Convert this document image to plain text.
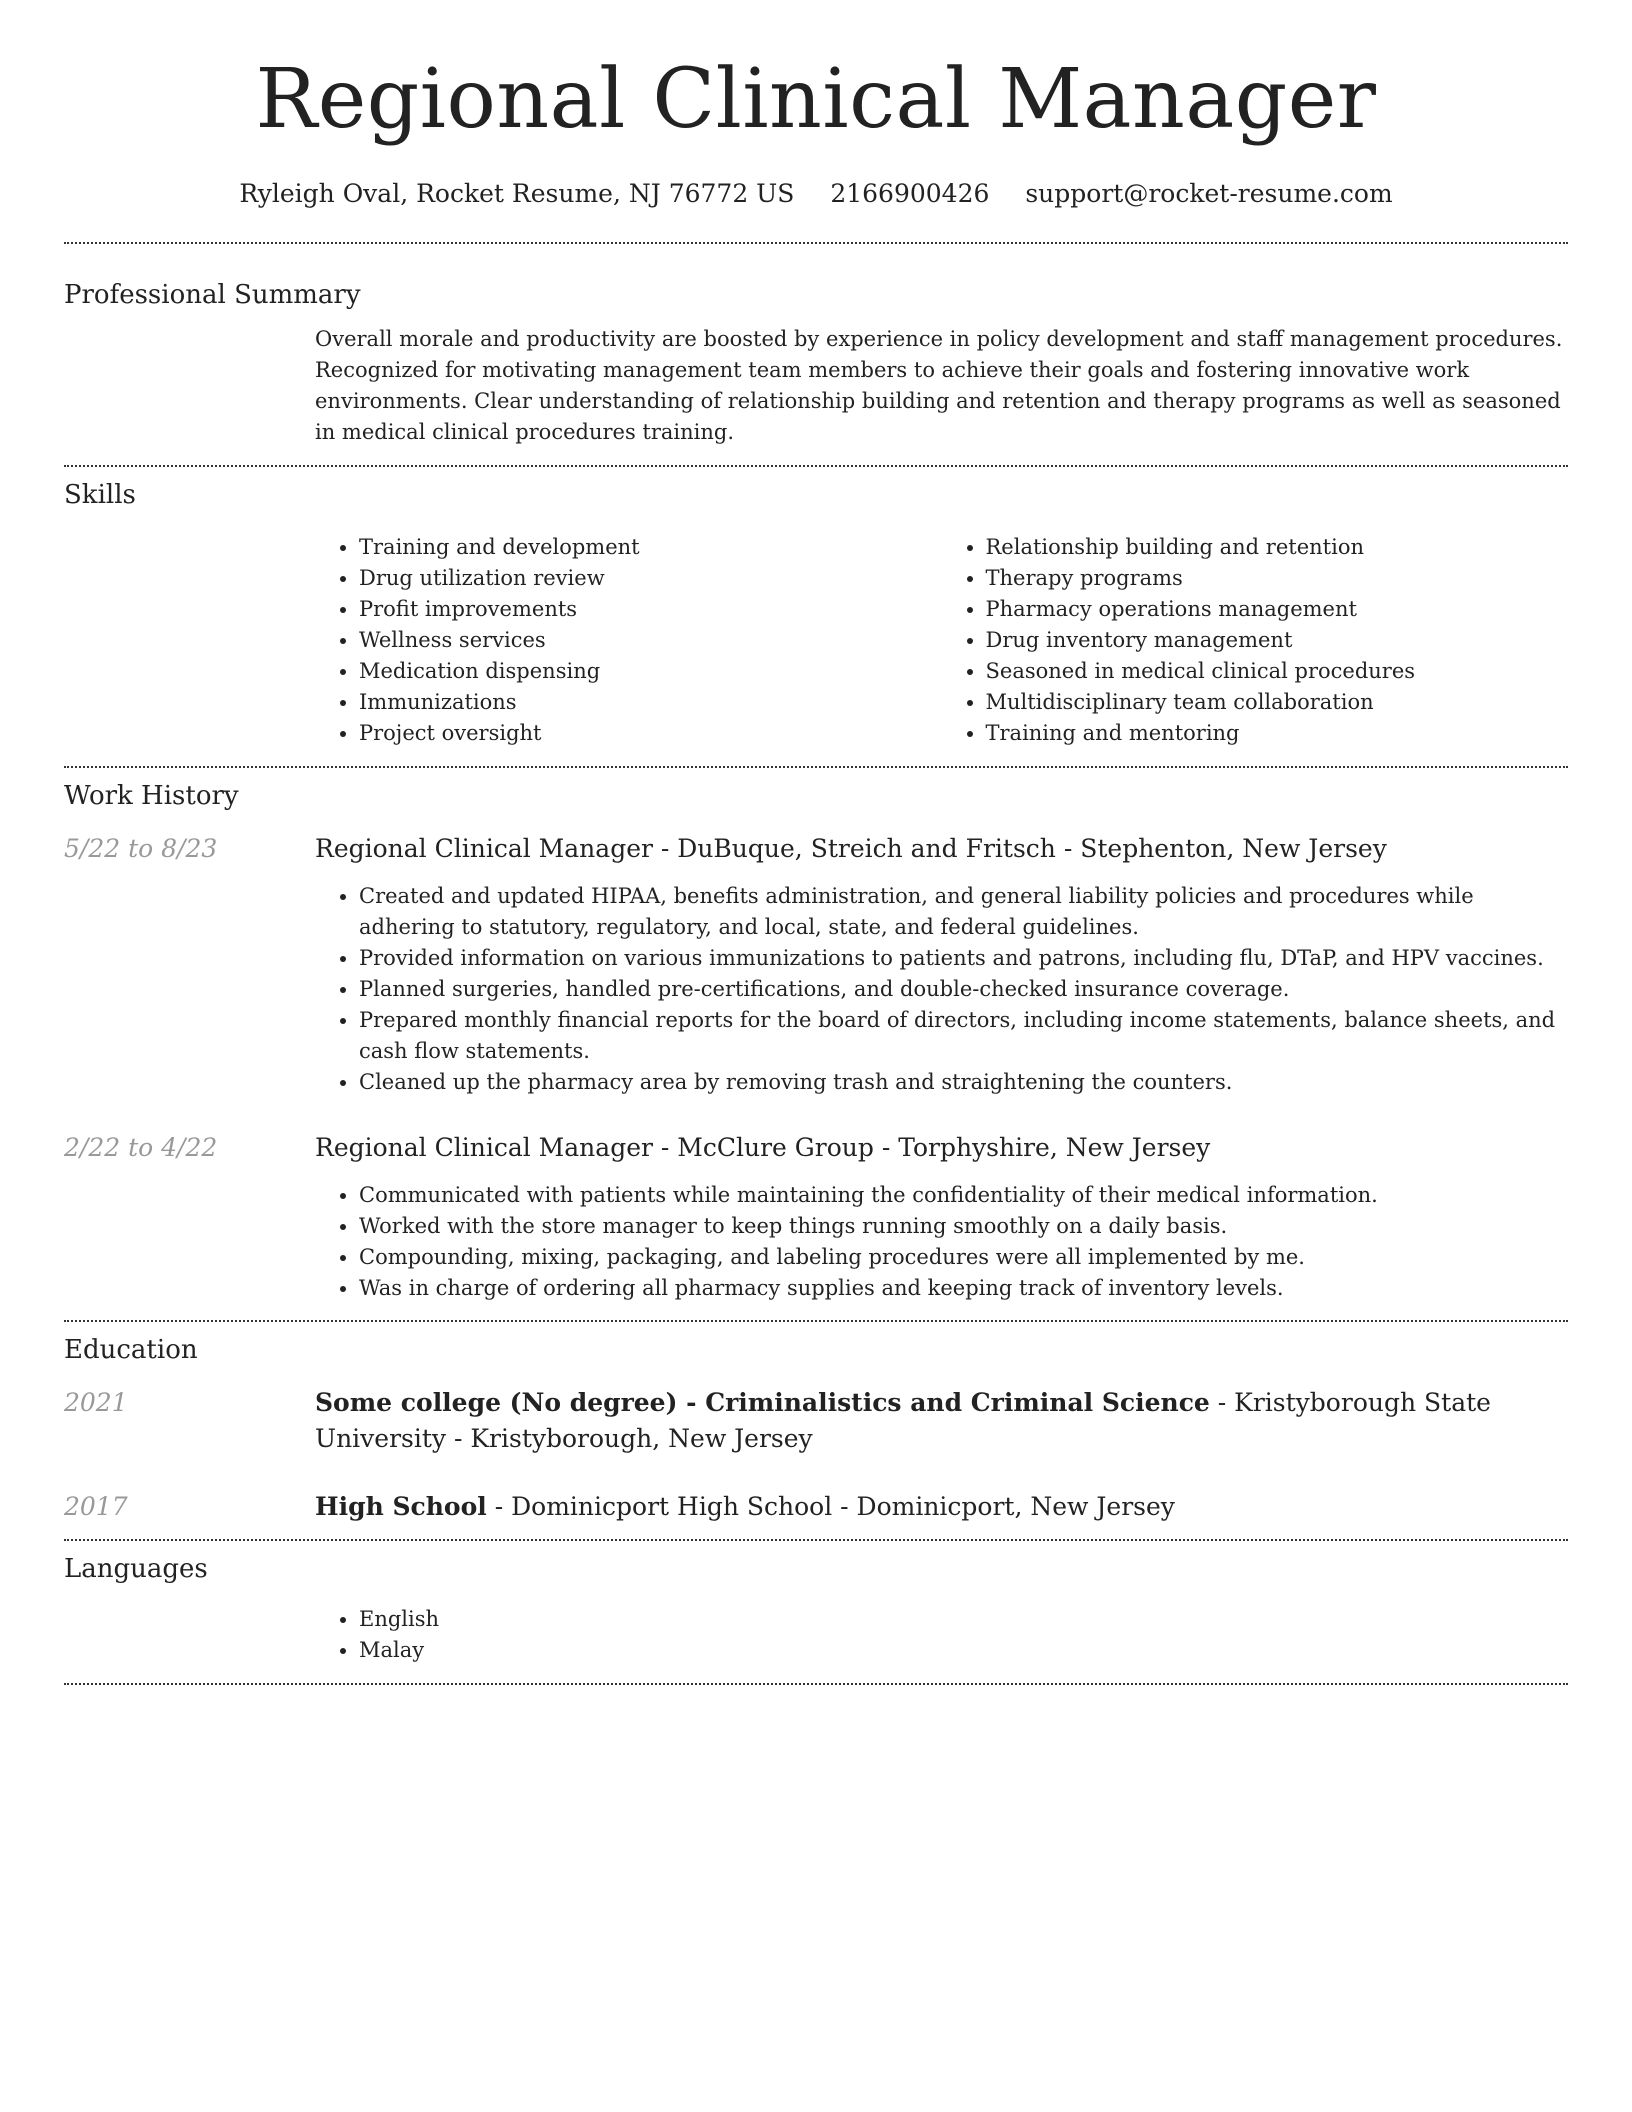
Regional Clinical Manager
Ryleigh Oval, Rocket Resume, NJ 76772 US 2166900426 support@rocket-resume.com
Professional Summary

Overall morale and productivity are boosted by experience in policy development and staff management procedures. Recognized for motivating management team members to achieve their goals and fostering innovative work environments. Clear understanding of relationship building and retention and therapy programs as well as seasoned in medical clinical procedures training.

Skills
• Training and development
• Drug utilization review
• Profit improvements
• Wellness services
• Medication dispensing
• Immunizations
• Project oversight
• Relationship building and retention
• Therapy programs
• Pharmacy operations management
• Drug inventory management
• Seasoned in medical clinical procedures
• Multidisciplinary team collaboration
• Training and mentoring
Work History
5/22 to 8/23	Regional Clinical Manager - DuBuque, Streich and Fritsch - Stephenton, New Jersey
• Created and updated HIPAA, benefits administration, and general liability policies and procedures while adhering to statutory, regulatory, and local, state, and federal guidelines.
• Provided information on various immunizations to patients and patrons, including flu, DTaP, and HPV vaccines.
• Planned surgeries, handled pre-certifications, and double-checked insurance coverage.
• Prepared monthly financial reports for the board of directors, including income statements, balance sheets, and cash flow statements.
• Cleaned up the pharmacy area by removing trash and straightening the counters.
2/22 to 4/22	Regional Clinical Manager - McClure Group - Torphyshire, New Jersey
• Communicated with patients while maintaining the confidentiality of their medical information.
• Worked with the store manager to keep things running smoothly on a daily basis.
• Compounding, mixing, packaging, and labeling procedures were all implemented by me.
• Was in charge of ordering all pharmacy supplies and keeping track of inventory levels.
Education
2021	Some college (No degree) - Criminalistics and Criminal Science - Kristyborough State University - Kristyborough, New Jersey
2017	High School - Dominicport High School - Dominicport, New Jersey
Languages
• English
• Malay
